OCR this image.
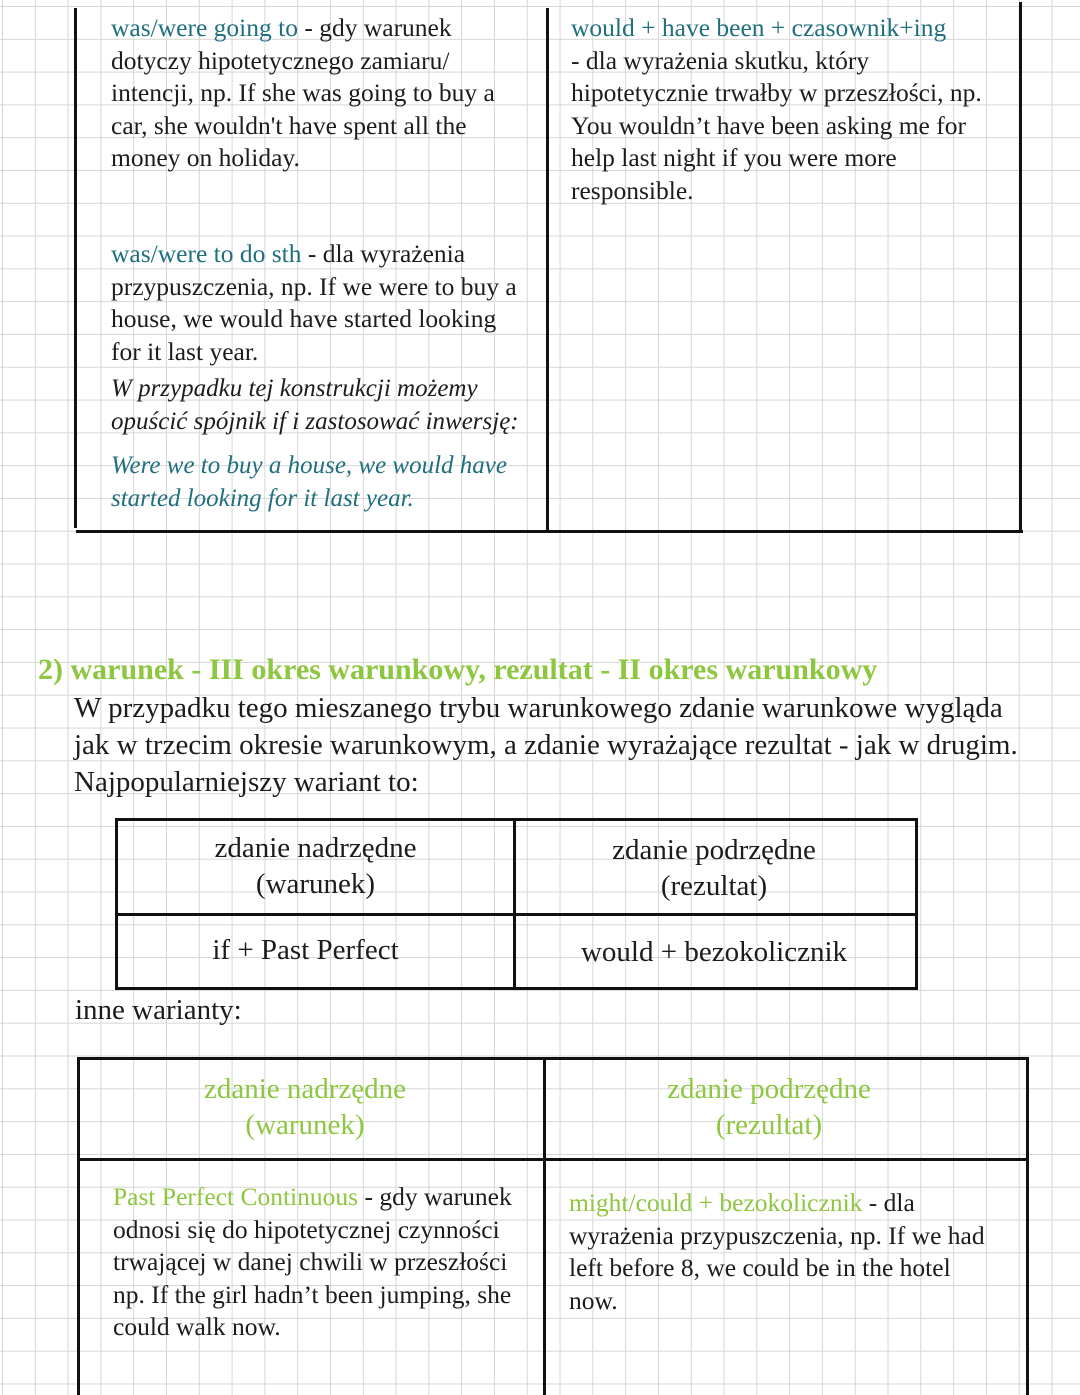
was/were going to - gdy warunek dotyczy hipotetycznego zamiaru/ intencji, np. If she was going to buy a car, she wouldn't have spent all the money on holiday.
was/were to do sth - dla wyrażenia przypuszczenia, np. If we were to buy a house, we would have started looking for it last year.
W przypadku tej konstrukcji możemy opuścić spójnik if i zastosować inwersję:
Were we to buy a house, we would have started looking for it last year.
would + have been + czasownik+ing
- dla wyrażenia skutku, który hipotetycznie trwałby w przeszłości, np. You wouldn’t have been asking me for help last night if you were more responsible.
2) warunek - III okres warunkowy, rezultat - II okres warunkowy

W przypadku tego mieszanego trybu warunkowego zdanie warunkowe wygląda jak w trzecim okresie warunkowym, a zdanie wyrażające rezultat - jak w drugim. Najpopularniejszy wariant to:

zdanie nadrzędne
(warunek)
zdanie podrzędne
(rezultat)
if + Past Perfect	would + bezokolicznik
inne warianty:
zdanie nadrzędne
(warunek)
zdanie podrzędne
(rezultat)
Past Perfect Continuous - gdy warunek odnosi się do hipotetycznej czynności trwającej w danej chwili w przeszłości np. If the girl hadn’t been jumping, she could walk now.
might/could + bezokolicznik - dla wyrażenia przypuszczenia, np. If we had left before 8, we could be in the hotel now.
